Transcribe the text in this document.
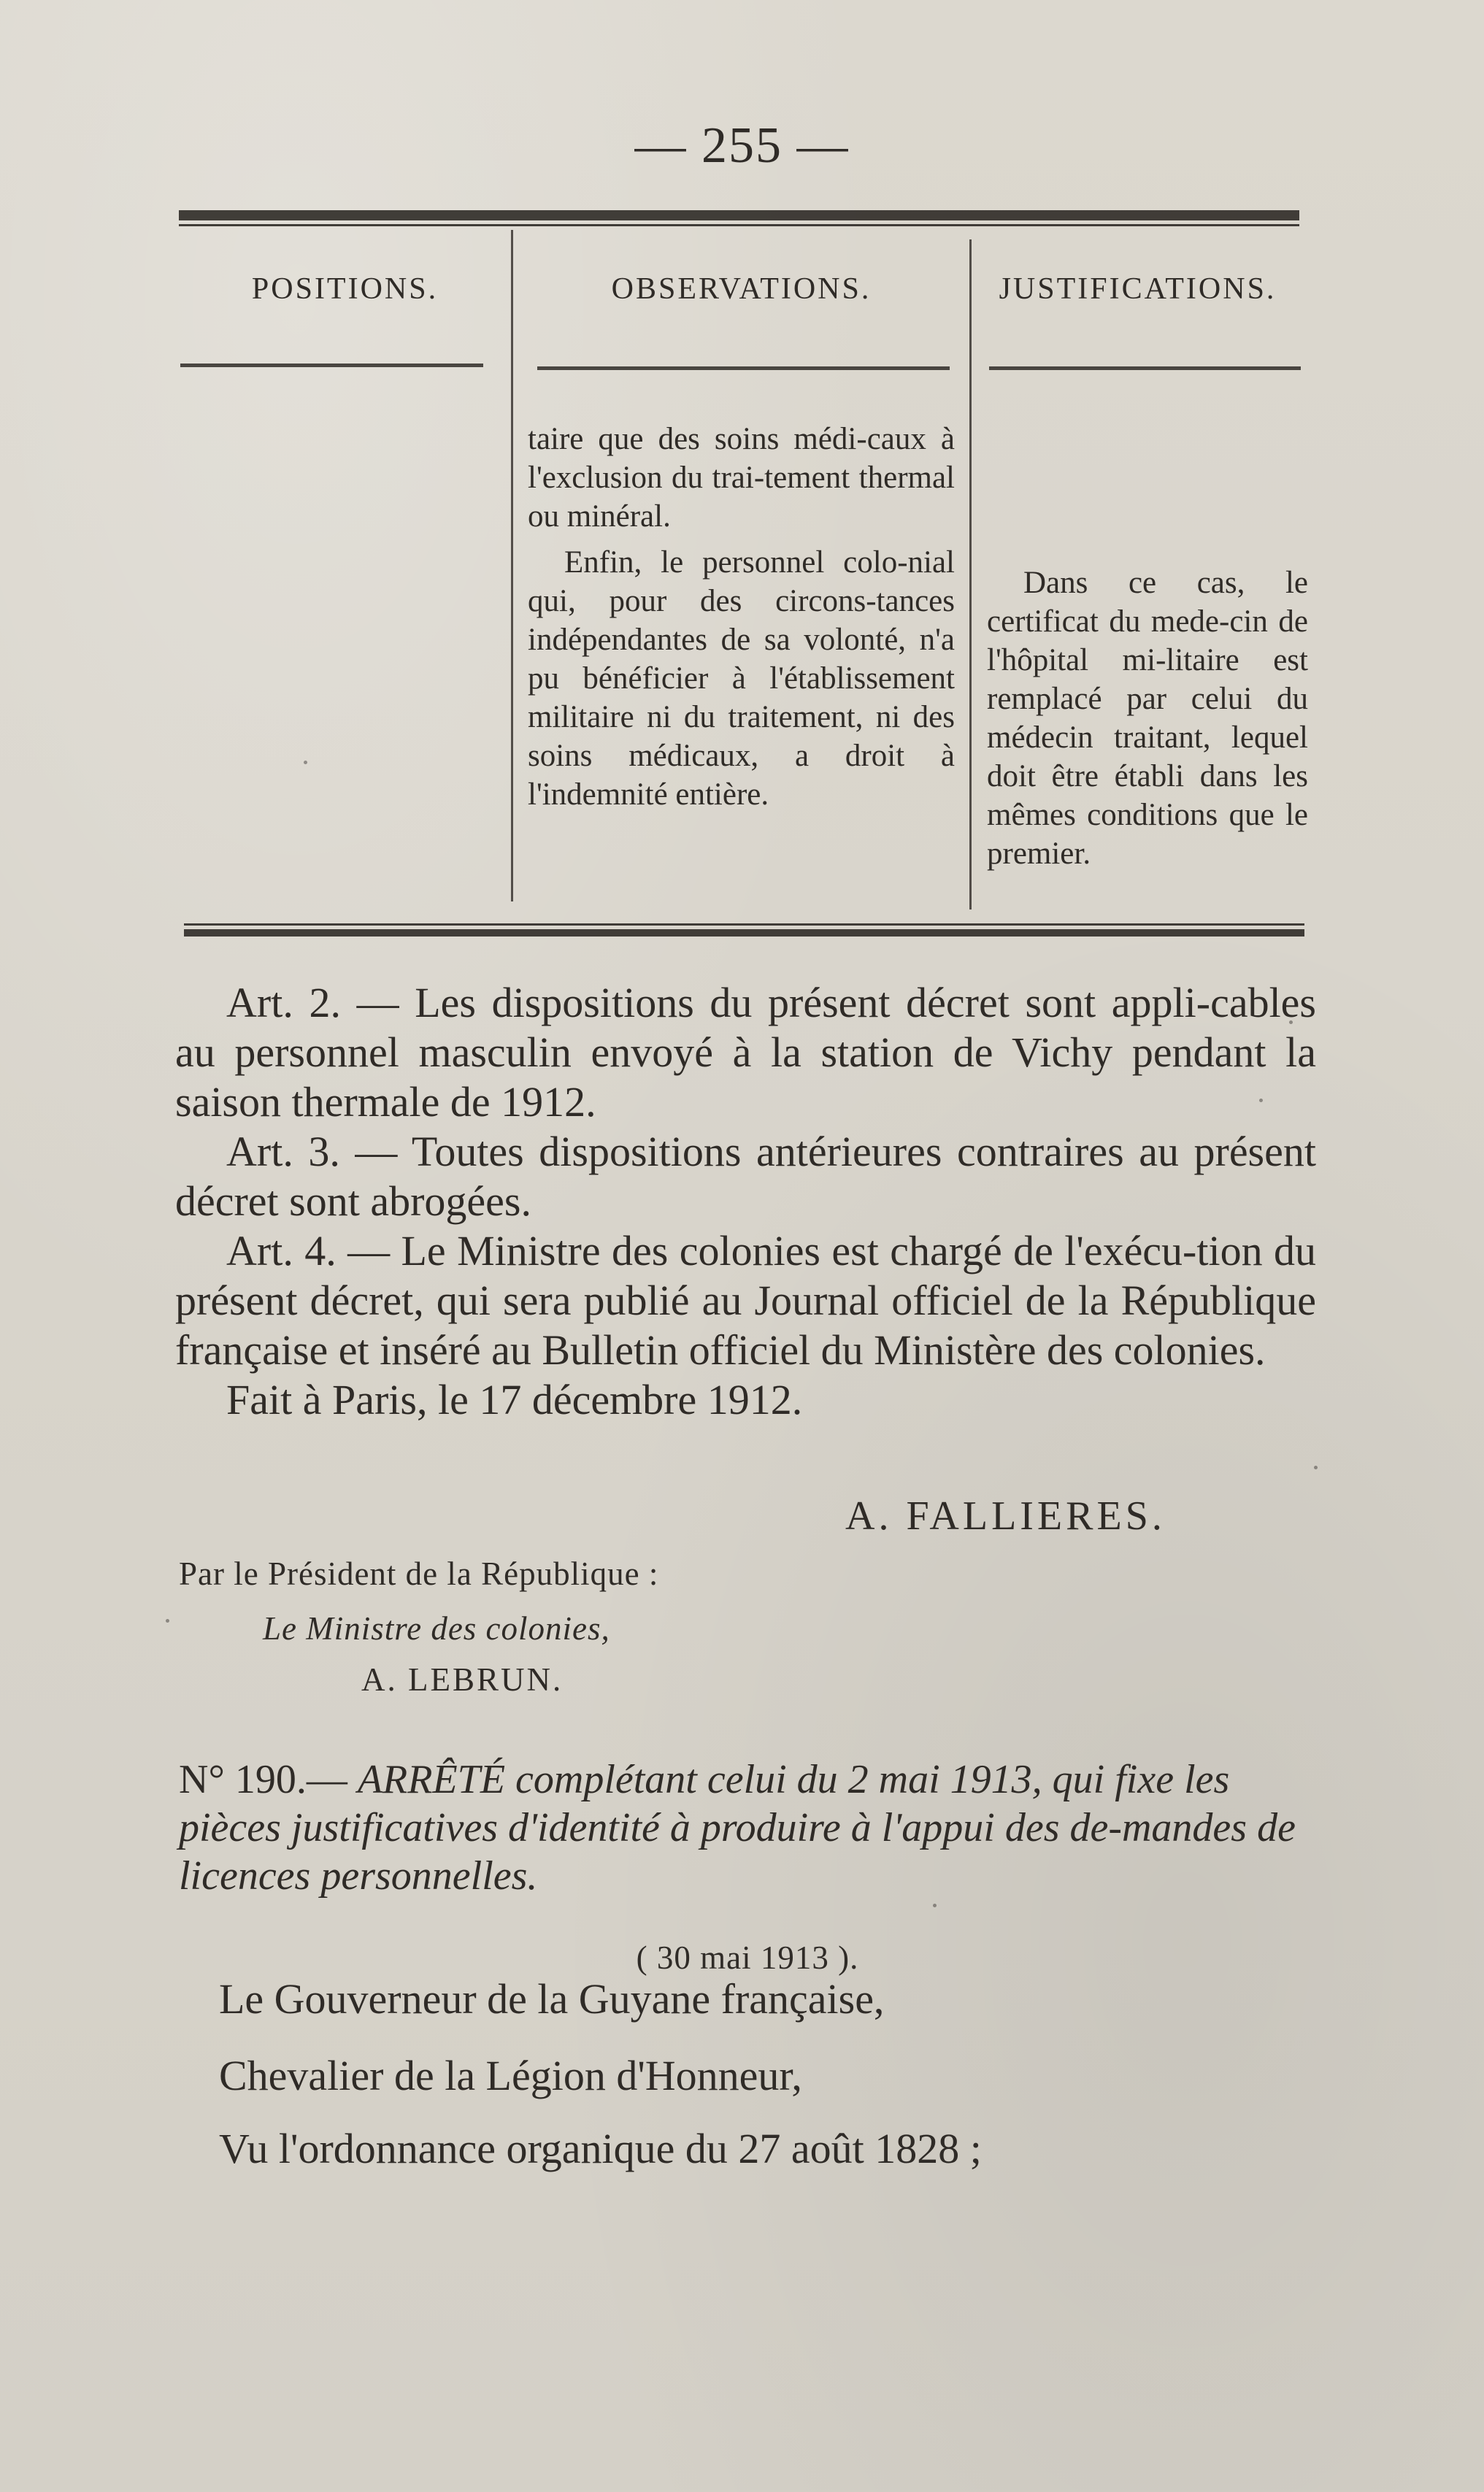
— 255 —
POSITIONS.	OBSERVATIONS.	JUSTIFICATIONS.

taire que des soins médi-caux à l'exclusion du trai-tement thermal ou minéral.

Enfin, le personnel colo-nial qui, pour des circons-tances indépendantes de sa volonté, n'a pu bénéficier à l'établissement militaire ni du traitement, ni des soins médicaux, a droit à l'indemnité entière.

Dans ce cas, le certificat du mede-cin de l'hôpital mi-litaire est remplacé par celui du médecin traitant, lequel doit être établi dans les mêmes conditions que le premier.

Art. 2. — Les dispositions du présent décret sont appli-cables au personnel masculin envoyé à la station de Vichy pendant la saison thermale de 1912.

Art. 3. — Toutes dispositions antérieures contraires au présent décret sont abrogées.

Art. 4. — Le Ministre des colonies est chargé de l'exécu-tion du présent décret, qui sera publié au Journal officiel de la République française et inséré au Bulletin officiel du Ministère des colonies.

Fait à Paris, le 17 décembre 1912.

A. FALLIERES.
Par le Président de la République :
Le Ministre des colonies,
A. LEBRUN.

N° 190.— ARRÊTÉ complétant celui du 2 mai 1913, qui fixe les pièces justificatives d'identité à produire à l'appui des de-mandes de licences personnelles.

( 30 mai 1913 ).

Le Gouverneur de la Guyane française,
Chevalier de la Légion d'Honneur,
Vu l'ordonnance organique du 27 août 1828 ;
